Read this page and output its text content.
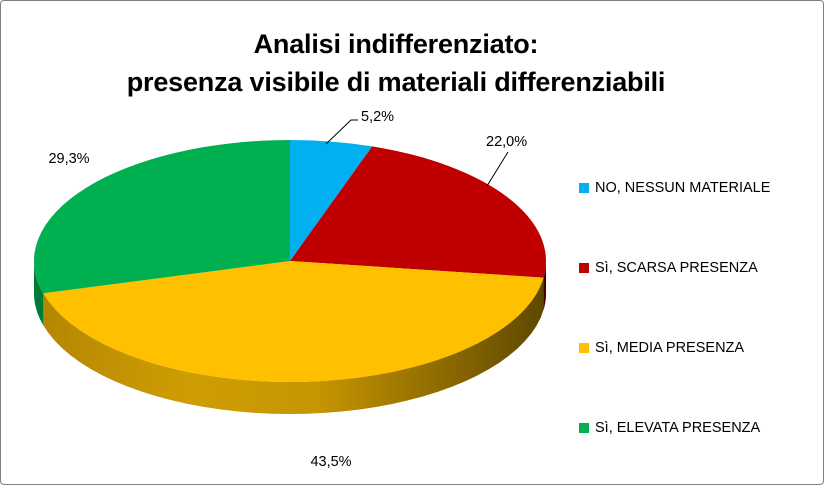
Analisi indifferenziato:
presenza visibile di materiali differenziabili
5,2%
22,0%
43,5%
29,3%
NO, NESSUN MATERIALE
Sì, SCARSA PRESENZA
Sì, MEDIA PRESENZA
Sì, ELEVATA PRESENZA
